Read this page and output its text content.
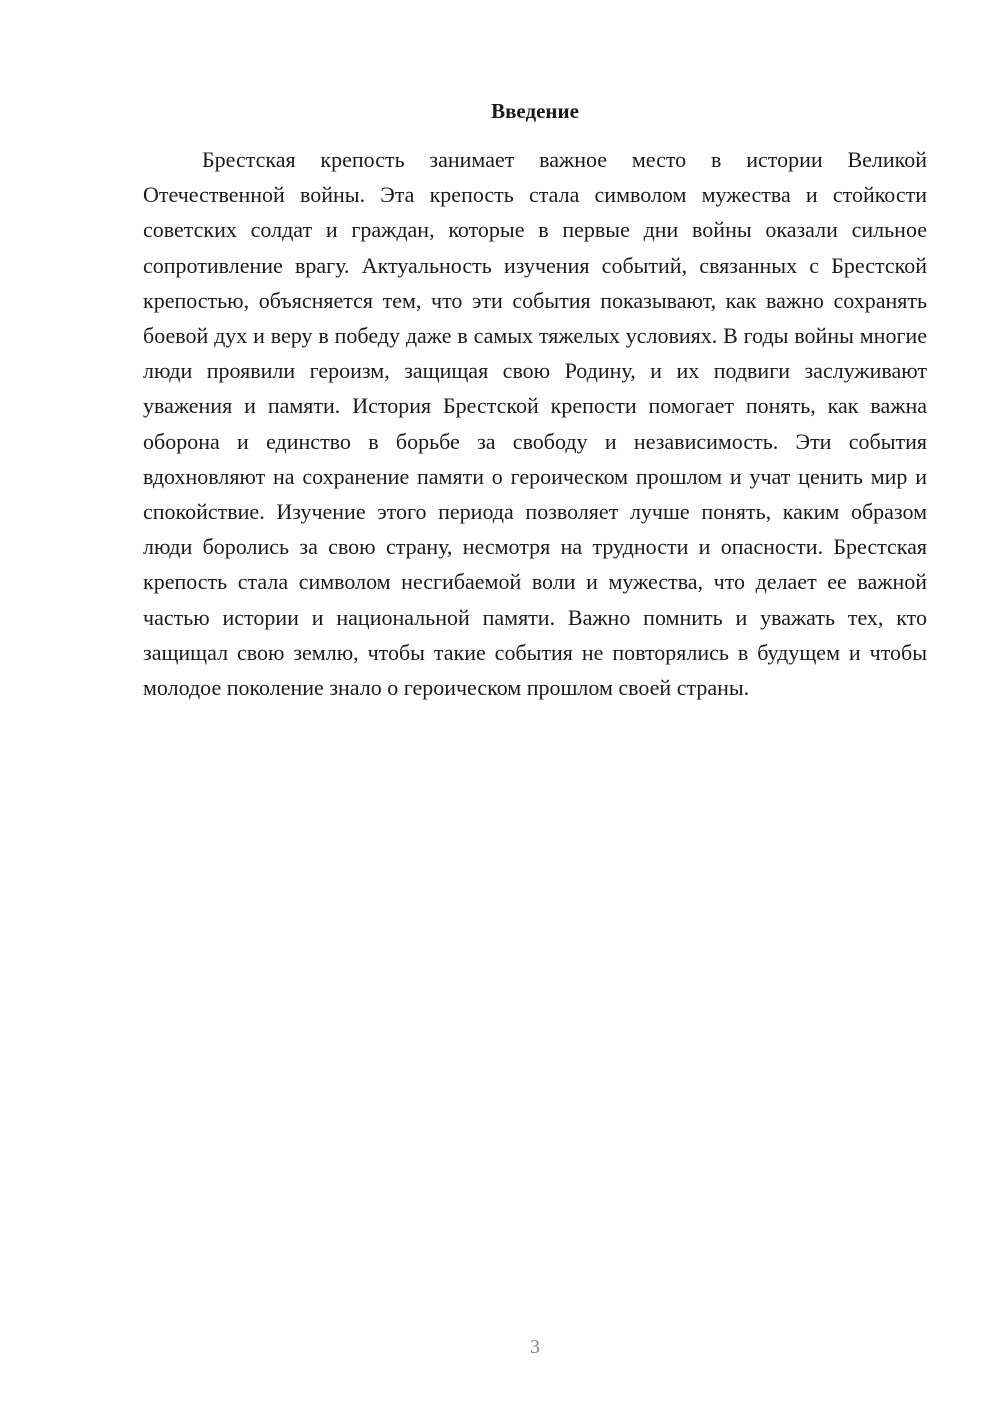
Введение

Брестская крепость занимает важное место в истории Великой Отечественной войны. Эта крепость стала символом мужества и стойкости советских солдат и граждан, которые в первые дни войны оказали сильное сопротивление врагу. Актуальность изучения событий, связанных с Брестской крепостью, объясняется тем, что эти события показывают, как важно сохранять боевой дух и веру в победу даже в самых тяжелых условиях. В годы войны многие люди проявили героизм, защищая свою Родину, и их подвиги заслуживают уважения и памяти. История Брестской крепости помогает понять, как важна оборона и единство в борьбе за свободу и независимость. Эти события вдохновляют на сохранение памяти о героическом прошлом и учат ценить мир и спокойствие. Изучение этого периода позволяет лучше понять, каким образом люди боролись за свою страну, несмотря на трудности и опасности. Брестская крепость стала символом несгибаемой воли и мужества, что делает ее важной частью истории и национальной памяти. Важно помнить и уважать тех, кто защищал свою землю, чтобы такие события не повторялись в будущем и чтобы молодое поколение знало о героическом прошлом своей страны.

3
